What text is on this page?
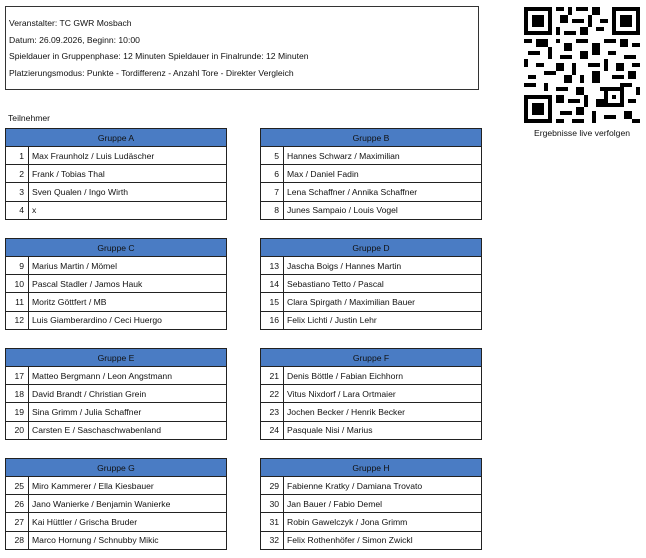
Veranstalter: TC GWR Mosbach
Datum: 26.09.2026, Beginn: 10:00
Spieldauer in Gruppenphase: 12 Minuten Spieldauer in Finalrunde: 12 Minuten
Platzierungsmodus: Punkte - Tordifferenz - Anzahl Tore - Direkter Vergleich
Ergebnisse live verfolgen
Teilnehmer
Gruppe A	
1	Max Fraunholz / Luis Ludäscher
2	Frank / Tobias Thal
3	Sven Qualen / Ingo Wirth
4	x
Gruppe B	
5	Hannes Schwarz / Maximilian
6	Max / Daniel Fadin
7	Lena Schaffner / Annika Schaffner
8	Junes Sampaio / Louis Vogel
Gruppe C	
9	Marius Martin / Mömel
10	Pascal Stadler / Jamos Hauk
11	Moritz Göttfert / MB
12	Luis Giamberardino / Ceci Huergo
Gruppe D	
13	Jascha Boigs / Hannes Martin
14	Sebastiano Tetto / Pascal
15	Clara Spirgath / Maximilian Bauer
16	Felix Lichti / Justin Lehr
Gruppe E	
17	Matteo Bergmann / Leon Angstmann
18	David Brandt / Christian Grein
19	Sina Grimm / Julia Schaffner
20	Carsten E / Saschaschwabenland
Gruppe F	
21	Denis Böttle / Fabian Eichhorn
22	Vitus Nixdorf / Lara Ortmaier
23	Jochen Becker / Henrik Becker
24	Pasquale Nisi / Marius
Gruppe G	
25	Miro Kammerer / Ella Kiesbauer
26	Jano Wanierke / Benjamin Wanierke
27	Kai Hüttler / Grischa Bruder
28	Marco Hornung / Schnubby Mikic
Gruppe H	
29	Fabienne Kratky / Damiana Trovato
30	Jan Bauer / Fabio Demel
31	Robin Gawelczyk / Jona Grimm
32	Felix Rothenhöfer / Simon Zwickl
